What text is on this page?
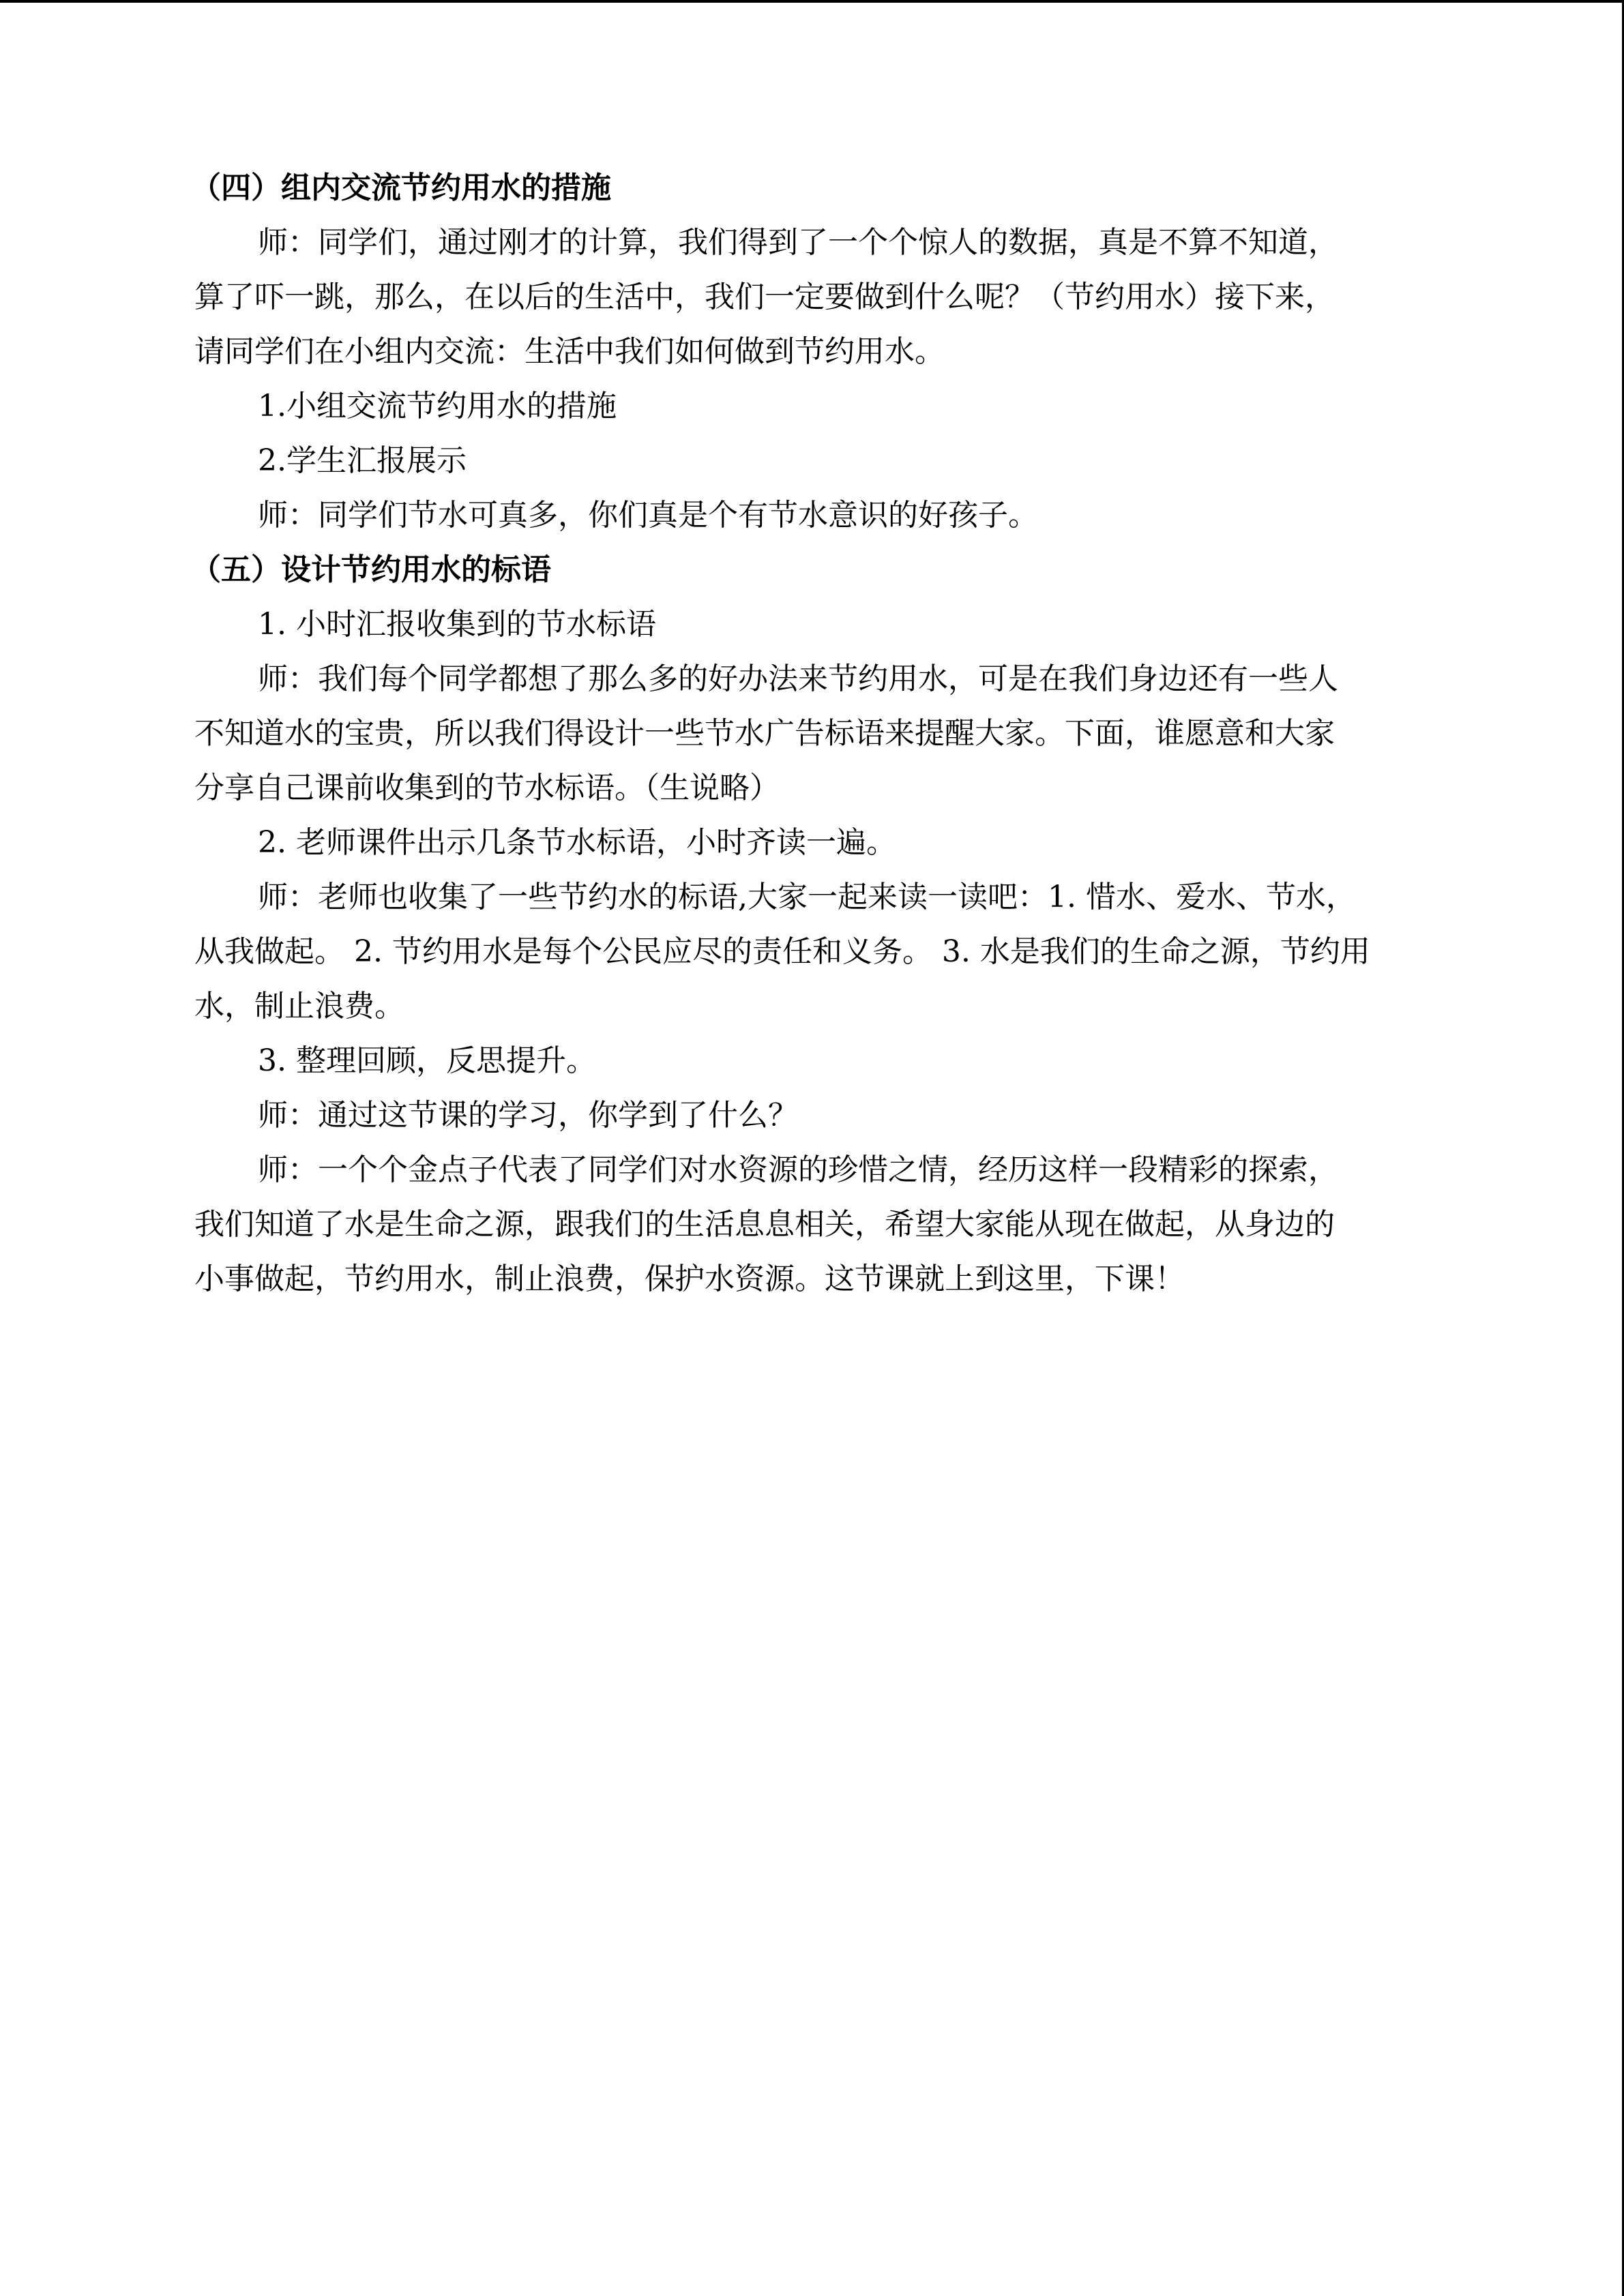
（四）组内交流节约用水的措施

师：同学们，通过刚才的计算，我们得到了一个个惊人的数据，真是不算不知道，

算了吓一跳，那么，在以后的生活中，我们一定要做到什么呢？（节约用水）接下来，

请同学们在小组内交流：生活中我们如何做到节约用水。

1.小组交流节约用水的措施

2.学生汇报展示

师：同学们节水可真多，你们真是个有节水意识的好孩子。

（五）设计节约用水的标语

1. 小时汇报收集到的节水标语

师：我们每个同学都想了那么多的好办法来节约用水，可是在我们身边还有一些人

不知道水的宝贵，所以我们得设计一些节水广告标语来提醒大家。下面，谁愿意和大家

分享自己课前收集到的节水标语。（生说略）

2. 老师课件出示几条节水标语，小时齐读一遍。

师：老师也收集了一些节约水的标语,大家一起来读一读吧：1. 惜水、爱水、节水，

从我做起。 2. 节约用水是每个公民应尽的责任和义务。 3. 水是我们的生命之源，节约用

水，制止浪费。

3. 整理回顾，反思提升。

师：通过这节课的学习，你学到了什么？

师：一个个金点子代表了同学们对水资源的珍惜之情，经历这样一段精彩的探索，

我们知道了水是生命之源，跟我们的生活息息相关，希望大家能从现在做起，从身边的

小事做起，节约用水，制止浪费，保护水资源。这节课就上到这里，下课！
